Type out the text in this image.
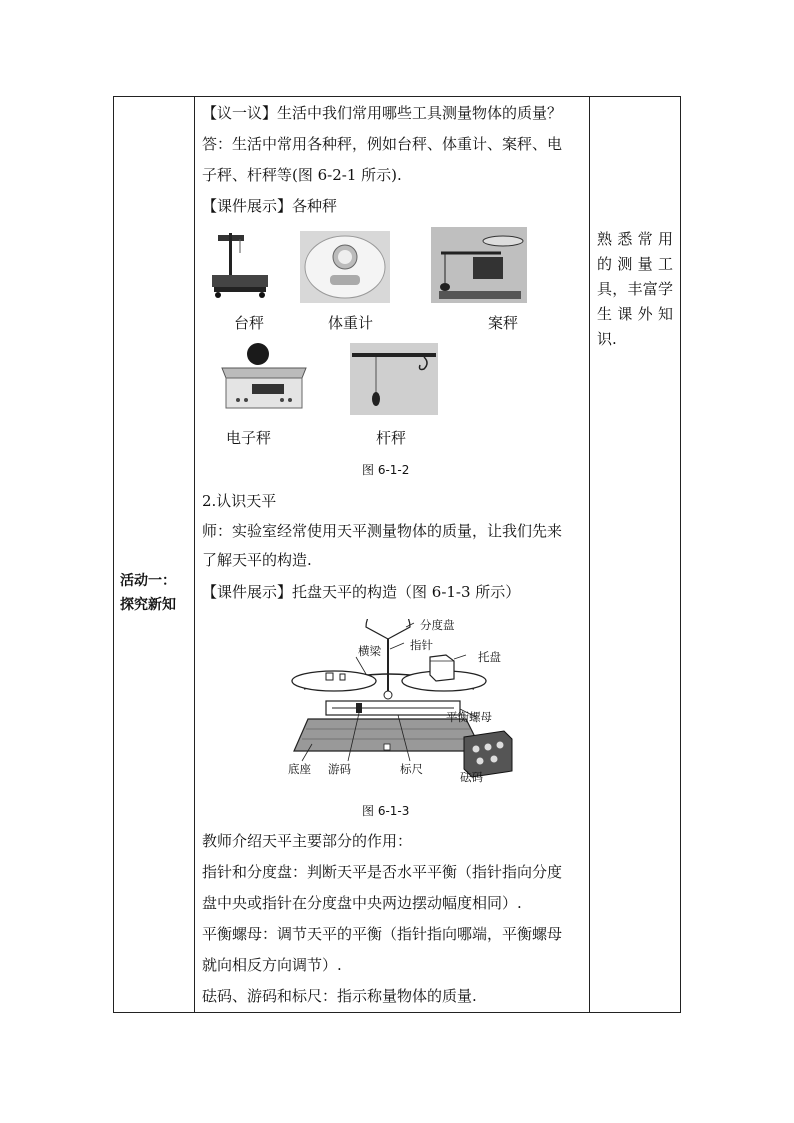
活动一：
探究新知
熟悉常用
的测量工
具，丰富学
生课外知
识.
【议一议】生活中我们常用哪些工具测量物体的质量？
答：生活中常用各种秤，例如台秤、体重计、案秤、电
子秤、杆秤等(图 6-2-1 所示).
【课件展示】各种秤
台秤	体重计	案秤
电子秤	杆秤
图 6-1-2
2.认识天平
师：实验室经常使用天平测量物体的质量，让我们先来
了解天平的构造.
【课件展示】托盘天平的构造（图 6-1-3 所示）
分度盘
指针
横梁	托盘
平衡螺母
底座 游码	标尺
砝码
图 6-1-3
教师介绍天平主要部分的作用：
指针和分度盘：判断天平是否水平平衡（指针指向分度
盘中央或指针在分度盘中央两边摆动幅度相同）.
平衡螺母：调节天平的平衡（指针指向哪端，平衡螺母
就向相反方向调节）.
砝码、游码和标尺：指示称量物体的质量.
